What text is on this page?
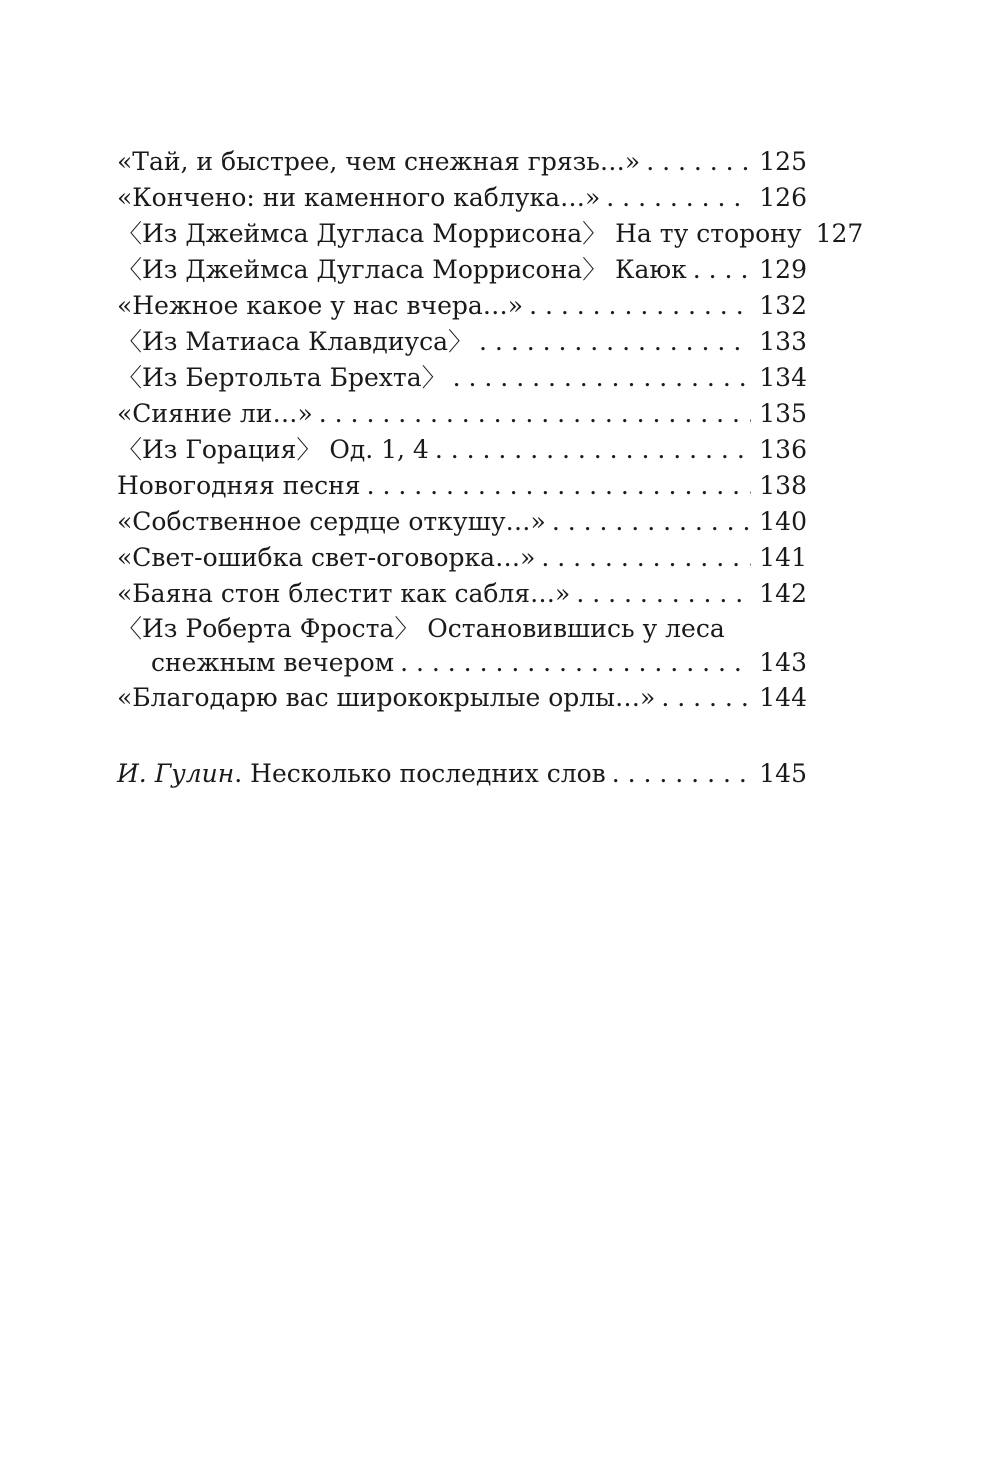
«Тай, и быстрее, чем снежная грязь…» . . .	125
«Кончено: ни каменного каблука…» . . .	126
〈Из Джеймса Дугласа Моррисона〉 На ту сторону 127
〈Из Джеймса Дугласа Моррисона〉 Каюк . . .	129
«Нежное какое у нас вчера…» . . .	132
〈Из Матиаса Клавдиуса〉 . . .	133
〈Из Бертольта Брехта〉 . . .	134
«Сияние ли…» . . .	135
〈Из Горация〉 Од. 1, 4 . . .	136
Новогодняя песня . . .	138
«Собственное сердце откушу…» . . .	140
«Свет-ошибка свет-оговорка…» . . .	141
«Баяна стон блестит как сабля…» . . .	142
〈Из Роберта Фроста〉 Остановившись у леса
снежным вечером . . .	143
«Благодарю вас ширококрылые орлы…» . . .	144
И. Гулин. Несколько последних слов . . .	145
